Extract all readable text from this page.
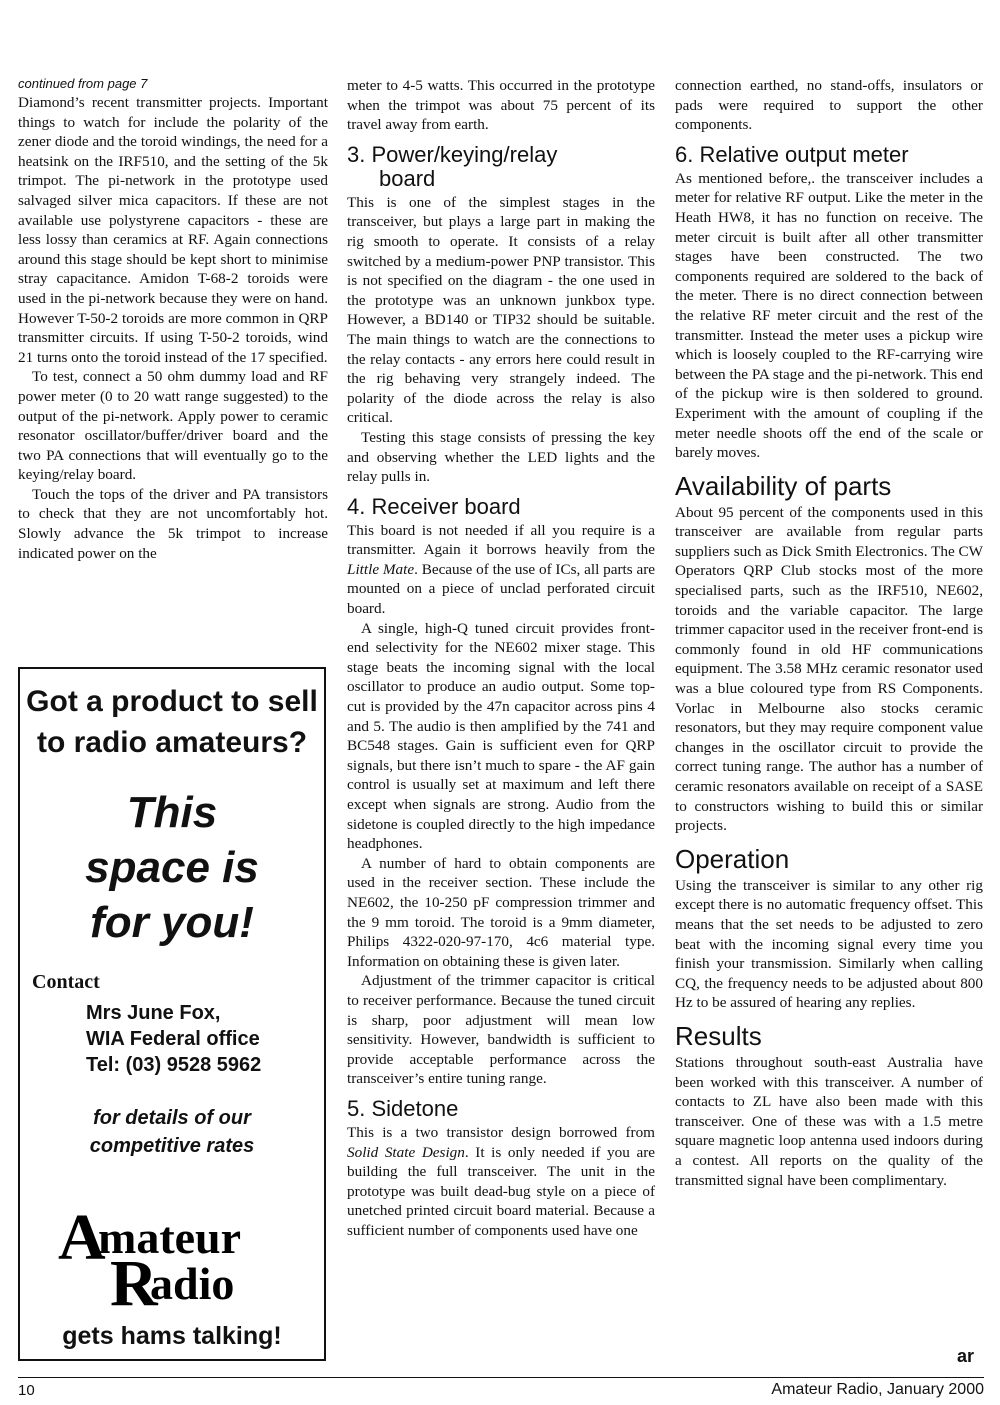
continued from page 7

Diamond’s recent transmitter projects. Important things to watch for include the polarity of the zener diode and the toroid windings, the need for a heatsink on the IRF510, and the setting of the 5k trimpot. The pi-network in the prototype used salvaged silver mica capacitors. If these are not available use polystyrene capacitors - these are less lossy than ceramics at RF. Again connections around this stage should be kept short to minimise stray capacitance. Amidon T-68-2 toroids were used in the pi-network because they were on hand. However T-50-2 toroids are more common in QRP transmitter circuits. If using T-50-2 toroids, wind 21 turns onto the toroid instead of the 17 specified.

To test, connect a 50 ohm dummy load and RF power meter (0 to 20 watt range suggested) to the output of the pi-network. Apply power to ceramic resonator oscillator/buffer/driver board and the two PA connections that will eventually go to the keying/relay board.

Touch the tops of the driver and PA transistors to check that they are not uncomfortably hot. Slowly advance the 5k trimpot to increase indicated power on the

Got a product to sell to radio amateurs?
This
space is
for you!
Contact
Mrs June Fox,
WIA Federal office
Tel: (03) 9528 5962
for details of our
competitive rates
A
mateur
R
adio
gets hams talking!

meter to 4-5 watts. This occurred in the prototype when the trimpot was about 75 percent of its travel away from earth.

3. Power/keying/relay
board

This is one of the simplest stages in the transceiver, but plays a large part in making the rig smooth to operate. It consists of a relay switched by a medium-power PNP transistor. This is not specified on the diagram - the one used in the prototype was an unknown junkbox type. However, a BD140 or TIP32 should be suitable. The main things to watch are the connections to the relay contacts - any errors here could result in the rig behaving very strangely indeed. The polarity of the diode across the relay is also critical.

Testing this stage consists of pressing the key and observing whether the LED lights and the relay pulls in.

4. Receiver board

This board is not needed if all you require is a transmitter. Again it borrows heavily from the Little Mate. Because of the use of ICs, all parts are mounted on a piece of unclad perforated circuit board.

A single, high-Q tuned circuit provides front-end selectivity for the NE602 mixer stage. This stage beats the incoming signal with the local oscillator to produce an audio output. Some top-cut is provided by the 47n capacitor across pins 4 and 5. The audio is then amplified by the 741 and BC548 stages. Gain is sufficient even for QRP signals, but there isn’t much to spare - the AF gain control is usually set at maximum and left there except when signals are strong. Audio from the sidetone is coupled directly to the high impedance headphones.

A number of hard to obtain components are used in the receiver section. These include the NE602, the 10-250 pF compression trimmer and the 9 mm toroid. The toroid is a 9mm diameter, Philips 4322-020-97-170, 4c6 material type. Information on obtaining these is given later.

Adjustment of the trimmer capacitor is critical to receiver performance. Because the tuned circuit is sharp, poor adjustment will mean low sensitivity. However, bandwidth is sufficient to provide acceptable performance across the transceiver’s entire tuning range.

5. Sidetone

This is a two transistor design borrowed from Solid State Design. It is only needed if you are building the full transceiver. The unit in the prototype was built dead-bug style on a piece of unetched printed circuit board material. Because a sufficient number of components used have one

connection earthed, no stand-offs, insulators or pads were required to support the other components.

6. Relative output meter

As mentioned before,. the transceiver includes a meter for relative RF output. Like the meter in the Heath HW8, it has no function on receive. The meter circuit is built after all other transmitter stages have been constructed. The two components required are soldered to the back of the meter. There is no direct connection between the relative RF meter circuit and the rest of the transmitter. Instead the meter uses a pickup wire which is loosely coupled to the RF-carrying wire between the PA stage and the pi-network. This end of the pickup wire is then soldered to ground. Experiment with the amount of coupling if the meter needle shoots off the end of the scale or barely moves.

Availability of parts

About 95 percent of the components used in this transceiver are available from regular parts suppliers such as Dick Smith Electronics. The CW Operators QRP Club stocks most of the more specialised parts, such as the IRF510, NE602, toroids and the variable capacitor. The large trimmer capacitor used in the receiver front-end is commonly found in old HF communications equipment. The 3.58 MHz ceramic resonator used was a blue coloured type from RS Components. Vorlac in Melbourne also stocks ceramic resonators, but they may require component value changes in the oscillator circuit to provide the correct tuning range. The author has a number of ceramic resonators available on receipt of a SASE to constructors wishing to build this or similar projects.

Operation

Using the transceiver is similar to any other rig except there is no automatic frequency offset. This means that the set needs to be adjusted to zero beat with the incoming signal every time you finish your transmission. Similarly when calling CQ, the frequency needs to be adjusted about 800 Hz to be assured of hearing any replies.

Results

Stations throughout south-east Australia have been worked with this transceiver. A number of contacts to ZL have also been made with this transceiver. One of these was with a 1.5 metre square magnetic loop antenna used indoors during a contest. All reports on the quality of the transmitted signal have been complimentary.

ar
10	Amateur Radio, January 2000
